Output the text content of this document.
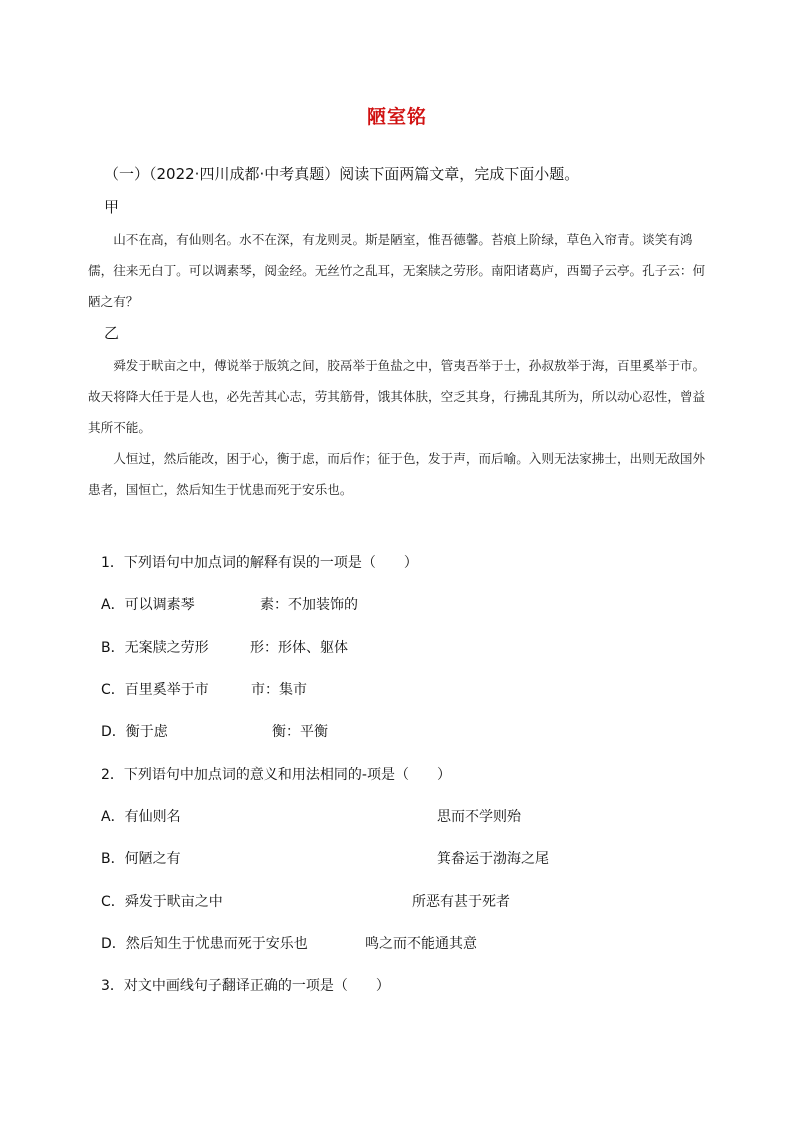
陋室铭
（一）（2022·四川成都·中考真题）阅读下面两篇文章，完成下面小题。
甲

山不在高，有仙则名。水不在深，有龙则灵。斯是陋室，惟吾德馨。苔痕上阶绿，草色入帘青。谈笑有鸿儒，往来无白丁。可以调素琴，阅金经。无丝竹之乱耳，无案牍之劳形。南阳诸葛庐，西蜀子云亭。孔子云：何陋之有？

乙

舜发于畎亩之中，傅说举于版筑之间，胶鬲举于鱼盐之中，管夷吾举于士，孙叔敖举于海，百里奚举于市。故天将降大任于是人也，必先苦其心志，劳其筋骨，饿其体肤，空乏其身，行拂乱其所为，所以动心忍性，曾益其所不能。

人恒过，然后能改，困于心，衡于虑，而后作；征于色，发于声，而后喻。入则无法家拂士，出则无敌国外患者，国恒亡，然后知生于忧患而死于安乐也。

1．下列语句中加点词的解释有误的一项是（　　）
A．可以调素琴	素：不加装饰的
B．无案牍之劳形	形：形体、躯体
C．百里奚举于市	市：集市
D．衡于虑	衡：平衡
2．下列语句中加点词的意义和用法相同的-项是（　　）
A．有仙则名	思而不学则殆
B．何陋之有	箕畚运于渤海之尾
C．舜发于畎亩之中	所恶有甚于死者
D．然后知生于忧患而死于安乐也	鸣之而不能通其意
3．对文中画线句子翻译正确的一项是（　　）
